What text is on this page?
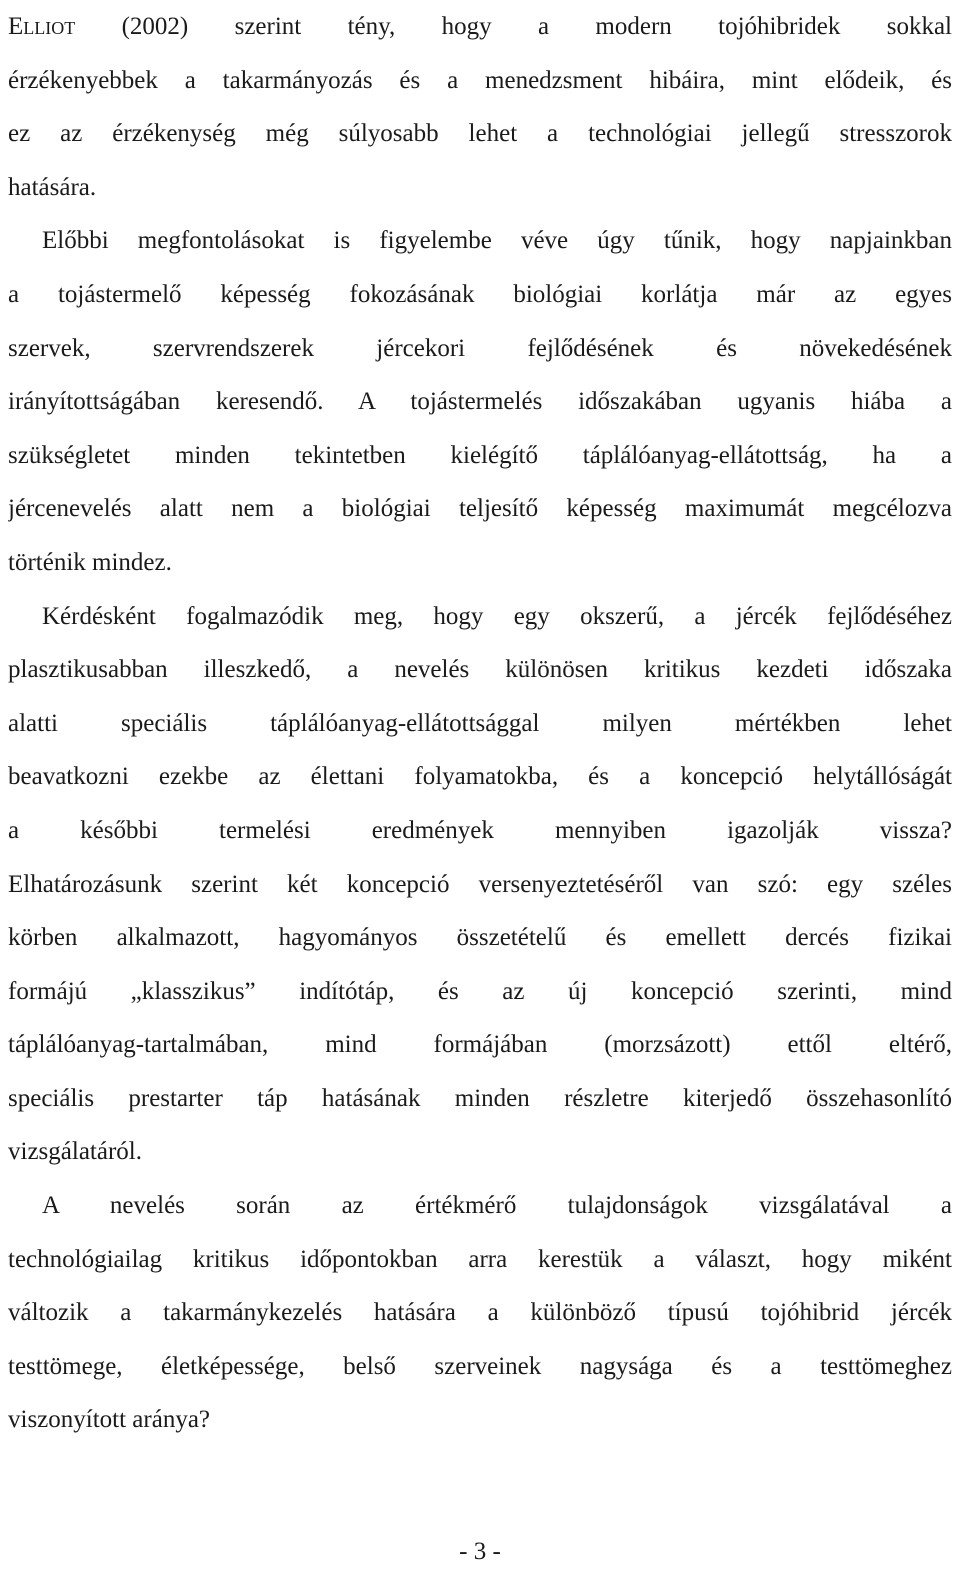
Elliot (2002) szerint tény, hogy a modern tojóhibridek sokkal
érzékenyebbek a takarmányozás és a menedzsment hibáira, mint elődeik, és
ez az érzékenység még súlyosabb lehet a technológiai jellegű stresszorok
hatására.
Előbbi megfontolásokat is figyelembe véve úgy tűnik, hogy napjainkban
a tojástermelő képesség fokozásának biológiai korlátja már az egyes
szervek, szervrendszerek jércekori fejlődésének és növekedésének
irányítottságában keresendő. A tojástermelés időszakában ugyanis hiába a
szükségletet minden tekintetben kielégítő táplálóanyag-ellátottság, ha a
jércenevelés alatt nem a biológiai teljesítő képesség maximumát megcélozva
történik mindez.
Kérdésként fogalmazódik meg, hogy egy okszerű, a jércék fejlődéséhez
plasztikusabban illeszkedő, a nevelés különösen kritikus kezdeti időszaka
alatti speciális táplálóanyag-ellátottsággal milyen mértékben lehet
beavatkozni ezekbe az élettani folyamatokba, és a koncepció helytállóságát
a későbbi termelési eredmények mennyiben igazolják vissza?
Elhatározásunk szerint két koncepció versenyeztetéséről van szó: egy széles
körben alkalmazott, hagyományos összetételű és emellett dercés fizikai
formájú „klasszikus” indítótáp, és az új koncepció szerinti, mind
táplálóanyag-tartalmában, mind formájában (morzsázott) ettől eltérő,
speciális prestarter táp hatásának minden részletre kiterjedő összehasonlító
vizsgálatáról.
A nevelés során az értékmérő tulajdonságok vizsgálatával a
technológiailag kritikus időpontokban arra kerestük a választ, hogy miként
változik a takarmánykezelés hatására a különböző típusú tojóhibrid jércék
testtömege, életképessége, belső szerveinek nagysága és a testtömeghez
viszonyított aránya?
- 3 -
